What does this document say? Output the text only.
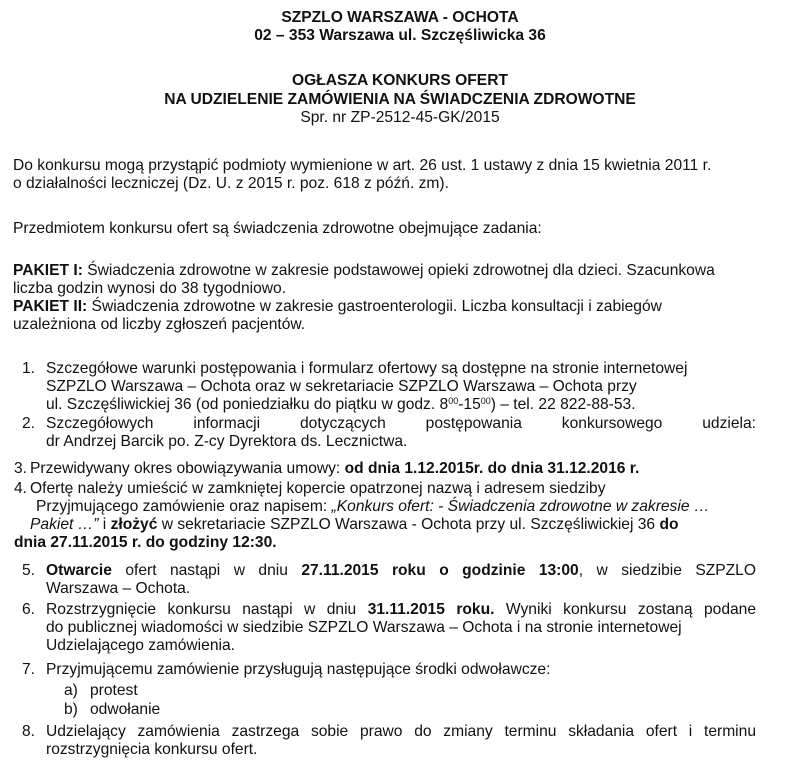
SZPZLO WARSZAWA - OCHOTA
02 – 353 Warszawa ul. Szczęśliwicka 36
OGŁASZA KONKURS OFERT
NA UDZIELENIE ZAMÓWIENIA NA ŚWIADCZENIA ZDROWOTNE
Spr. nr ZP-2512-45-GK/2015
Do konkursu mogą przystąpić podmioty wymienione w art. 26 ust. 1 ustawy z dnia 15 kwietnia 2011 r.
o działalności leczniczej (Dz. U. z 2015 r. poz. 618 z późń. zm).
Przedmiotem konkursu ofert są świadczenia zdrowotne obejmujące zadania:
PAKIET I: Świadczenia zdrowotne w zakresie podstawowej opieki zdrowotnej dla dzieci. Szacunkowa
liczba godzin wynosi do 38 tygodniowo.
PAKIET II: Świadczenia zdrowotne w zakresie gastroenterologii. Liczba konsultacji i zabiegów
uzależniona od liczby zgłoszeń pacjentów.
1. Szczegółowe warunki postępowania i formularz ofertowy są dostępne na stronie internetowej
SZPZLO Warszawa – Ochota oraz w sekretariacie SZPZLO Warszawa – Ochota przy
ul. Szczęśliwickiej 36 (od poniedziałku do piątku w godz. $8^{00}-15^{00}$) – tel. 22 822-88-53.
2. Szczegółowych informacji dotyczących postępowania konkursowego udziela:
dr Andrzej Barcik po. Z-cy Dyrektora ds. Lecznictwa.
3. Przewidywany okres obowiązywania umowy: od dnia 1.12.2015r. do dnia 31.12.2016 r.
4. Ofertę należy umieścić w zamkniętej kopercie opatrzonej nazwą i adresem siedziby
Przyjmującego zamówienie oraz napisem: „Konkurs ofert: - Świadczenia zdrowotne w zakresie …
Pakiet …” i złożyć w sekretariacie SZPZLO Warszawa - Ochota przy ul. Szczęśliwickiej 36 do
dnia 27.11.2015 r. do godziny 12:30.
5. Otwarcie ofert nastąpi w dniu 27.11.2015 roku o godzinie 13:00, w siedzibie SZPZLO
Warszawa – Ochota.
6. Rozstrzygnięcie konkursu nastąpi w dniu 31.11.2015 roku. Wyniki konkursu zostaną podane
do publicznej wiadomości w siedzibie SZPZLO Warszawa – Ochota i na stronie internetowej
Udzielającego zamówienia.
7. Przyjmującemu zamówienie przysługują następujące środki odwoławcze:
a) protest
b) odwołanie
8. Udzielający zamówienia zastrzega sobie prawo do zmiany terminu składania ofert i terminu
rozstrzygnięcia konkursu ofert.
